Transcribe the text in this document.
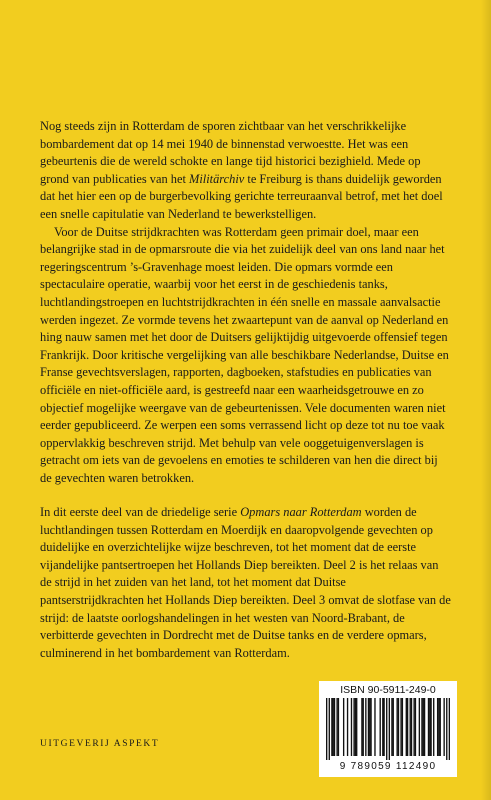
Nog steeds zijn in Rotterdam de sporen zichtbaar van het verschrikkelijke bombardement dat op 14 mei 1940 de binnenstad verwoestte. Het was een gebeurtenis die de wereld schokte en lange tijd historici bezighield. Mede op grond van publicaties van het Militärchiv te Freiburg is thans duidelijk geworden dat het hier een op de burgerbevolking gerichte terreuraanval betrof, met het doel een snelle capitulatie van Nederland te bewerkstelligen.

Voor de Duitse strijdkrachten was Rotterdam geen primair doel, maar een belangrijke stad in de opmarsroute die via het zuidelijk deel van ons land naar het regeringscentrum ’s-Gravenhage moest leiden. Die opmars vormde een spectaculaire operatie, waarbij voor het eerst in de geschiedenis tanks, luchtlandingstroepen en luchtstrijdkrachten in één snelle en massale aanvalsactie werden ingezet. Ze vormde tevens het zwaartepunt van de aanval op Nederland en hing nauw samen met het door de Duitsers gelijktijdig uitgevoerde offensief tegen Frankrijk. Door kritische vergelijking van alle beschikbare Nederlandse, Duitse en Franse gevechtsverslagen, rapporten, dagboeken, stafstudies en publicaties van officiële en niet-officiële aard, is gestreefd naar een waarheidsgetrouwe en zo objectief mogelijke weergave van de gebeurtenissen. Vele documenten waren niet eerder gepubliceerd. Ze werpen een soms verrassend licht op deze tot nu toe vaak oppervlakkig beschreven strijd. Met behulp van vele ooggetuigenverslagen is getracht om iets van de gevoelens en emoties te schilderen van hen die direct bij de gevechten waren betrokken.

In dit eerste deel van de driedelige serie Opmars naar Rotterdam worden de luchtlandingen tussen Rotterdam en Moerdijk en daaropvolgende gevechten op duidelijke en overzichtelijke wijze beschreven, tot het moment dat de eerste vijandelijke pantsertroepen het Hollands Diep bereikten. Deel 2 is het relaas van de strijd in het zuiden van het land, tot het moment dat Duitse pantserstrijdkrachten het Hollands Diep bereikten. Deel 3 omvat de slotfase van de strijd: de laatste oorlogshandelingen in het westen van Noord-Brabant, de verbitterde gevechten in Dordrecht met de Duitse tanks en de verdere opmars, culminerend in het bombardement van Rotterdam.

UITGEVERIJ ASPEKT
ISBN 90-5911-249-0
9 789059 112490
